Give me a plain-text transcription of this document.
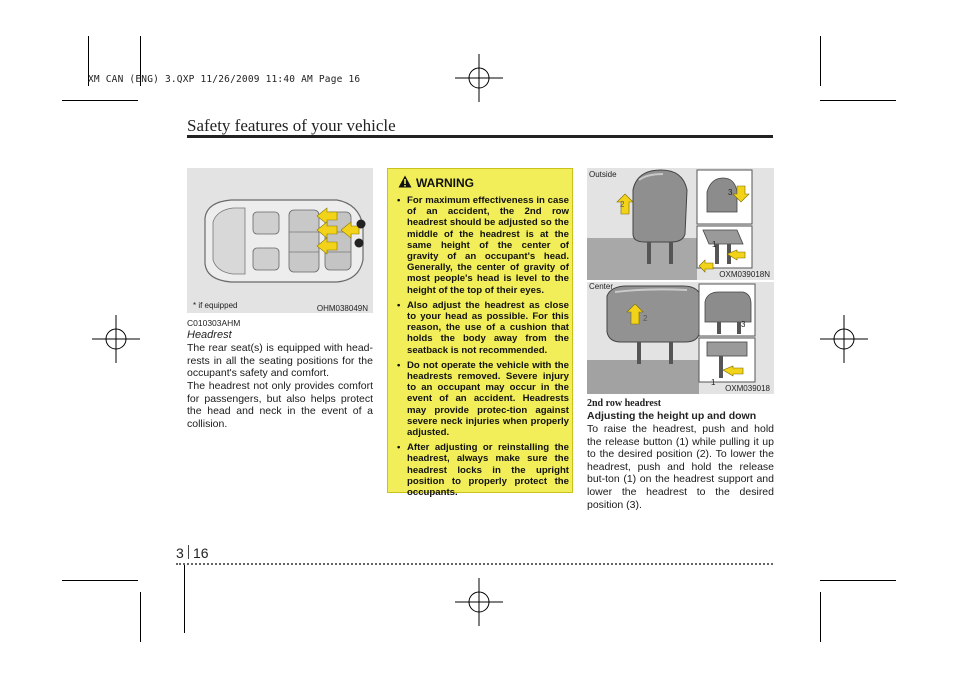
XM CAN (ENG) 3.QXP 11/26/2009 11:40 AM Page 16
Safety features of your vehicle
* if equipped	OHM038049N
C010303AHM
Headrest
The rear seat(s) is equipped with head-rests in all the seating positions for the occupant's safety and comfort.
The headrest not only provides comfort for passengers, but also helps protect the head and neck in the event of a collision.
WARNING
• For maximum effectiveness in case of an accident, the 2nd row headrest should be adjusted so the middle of the headrest is at the same height of the center of gravity of an occupant's head. Generally, the center of gravity of most people's head is level to the height of the top of their eyes.
• Also adjust the headrest as close to your head as possible. For this reason, the use of a cushion that holds the body away from the seatback is not recommended.
• Do not operate the vehicle with the headrests removed. Severe injury to an occupant may occur in the event of an accident. Headrests may provide protec-tion against severe neck injuries when properly adjusted.
• After adjusting or reinstalling the headrest, always make sure the headrest locks in the upright position to properly protect the occupants.
Outside
2
3
1
OXM039018N
Center
2
3
1
OXM039018
2nd row headrest
Adjusting the height up and down
To raise the headrest, push and hold the release button (1) while pulling it up to the desired position (2). To lower the headrest, push and hold the release but-ton (1) on the headrest support and lower the headrest to the desired position (3).
3 16
